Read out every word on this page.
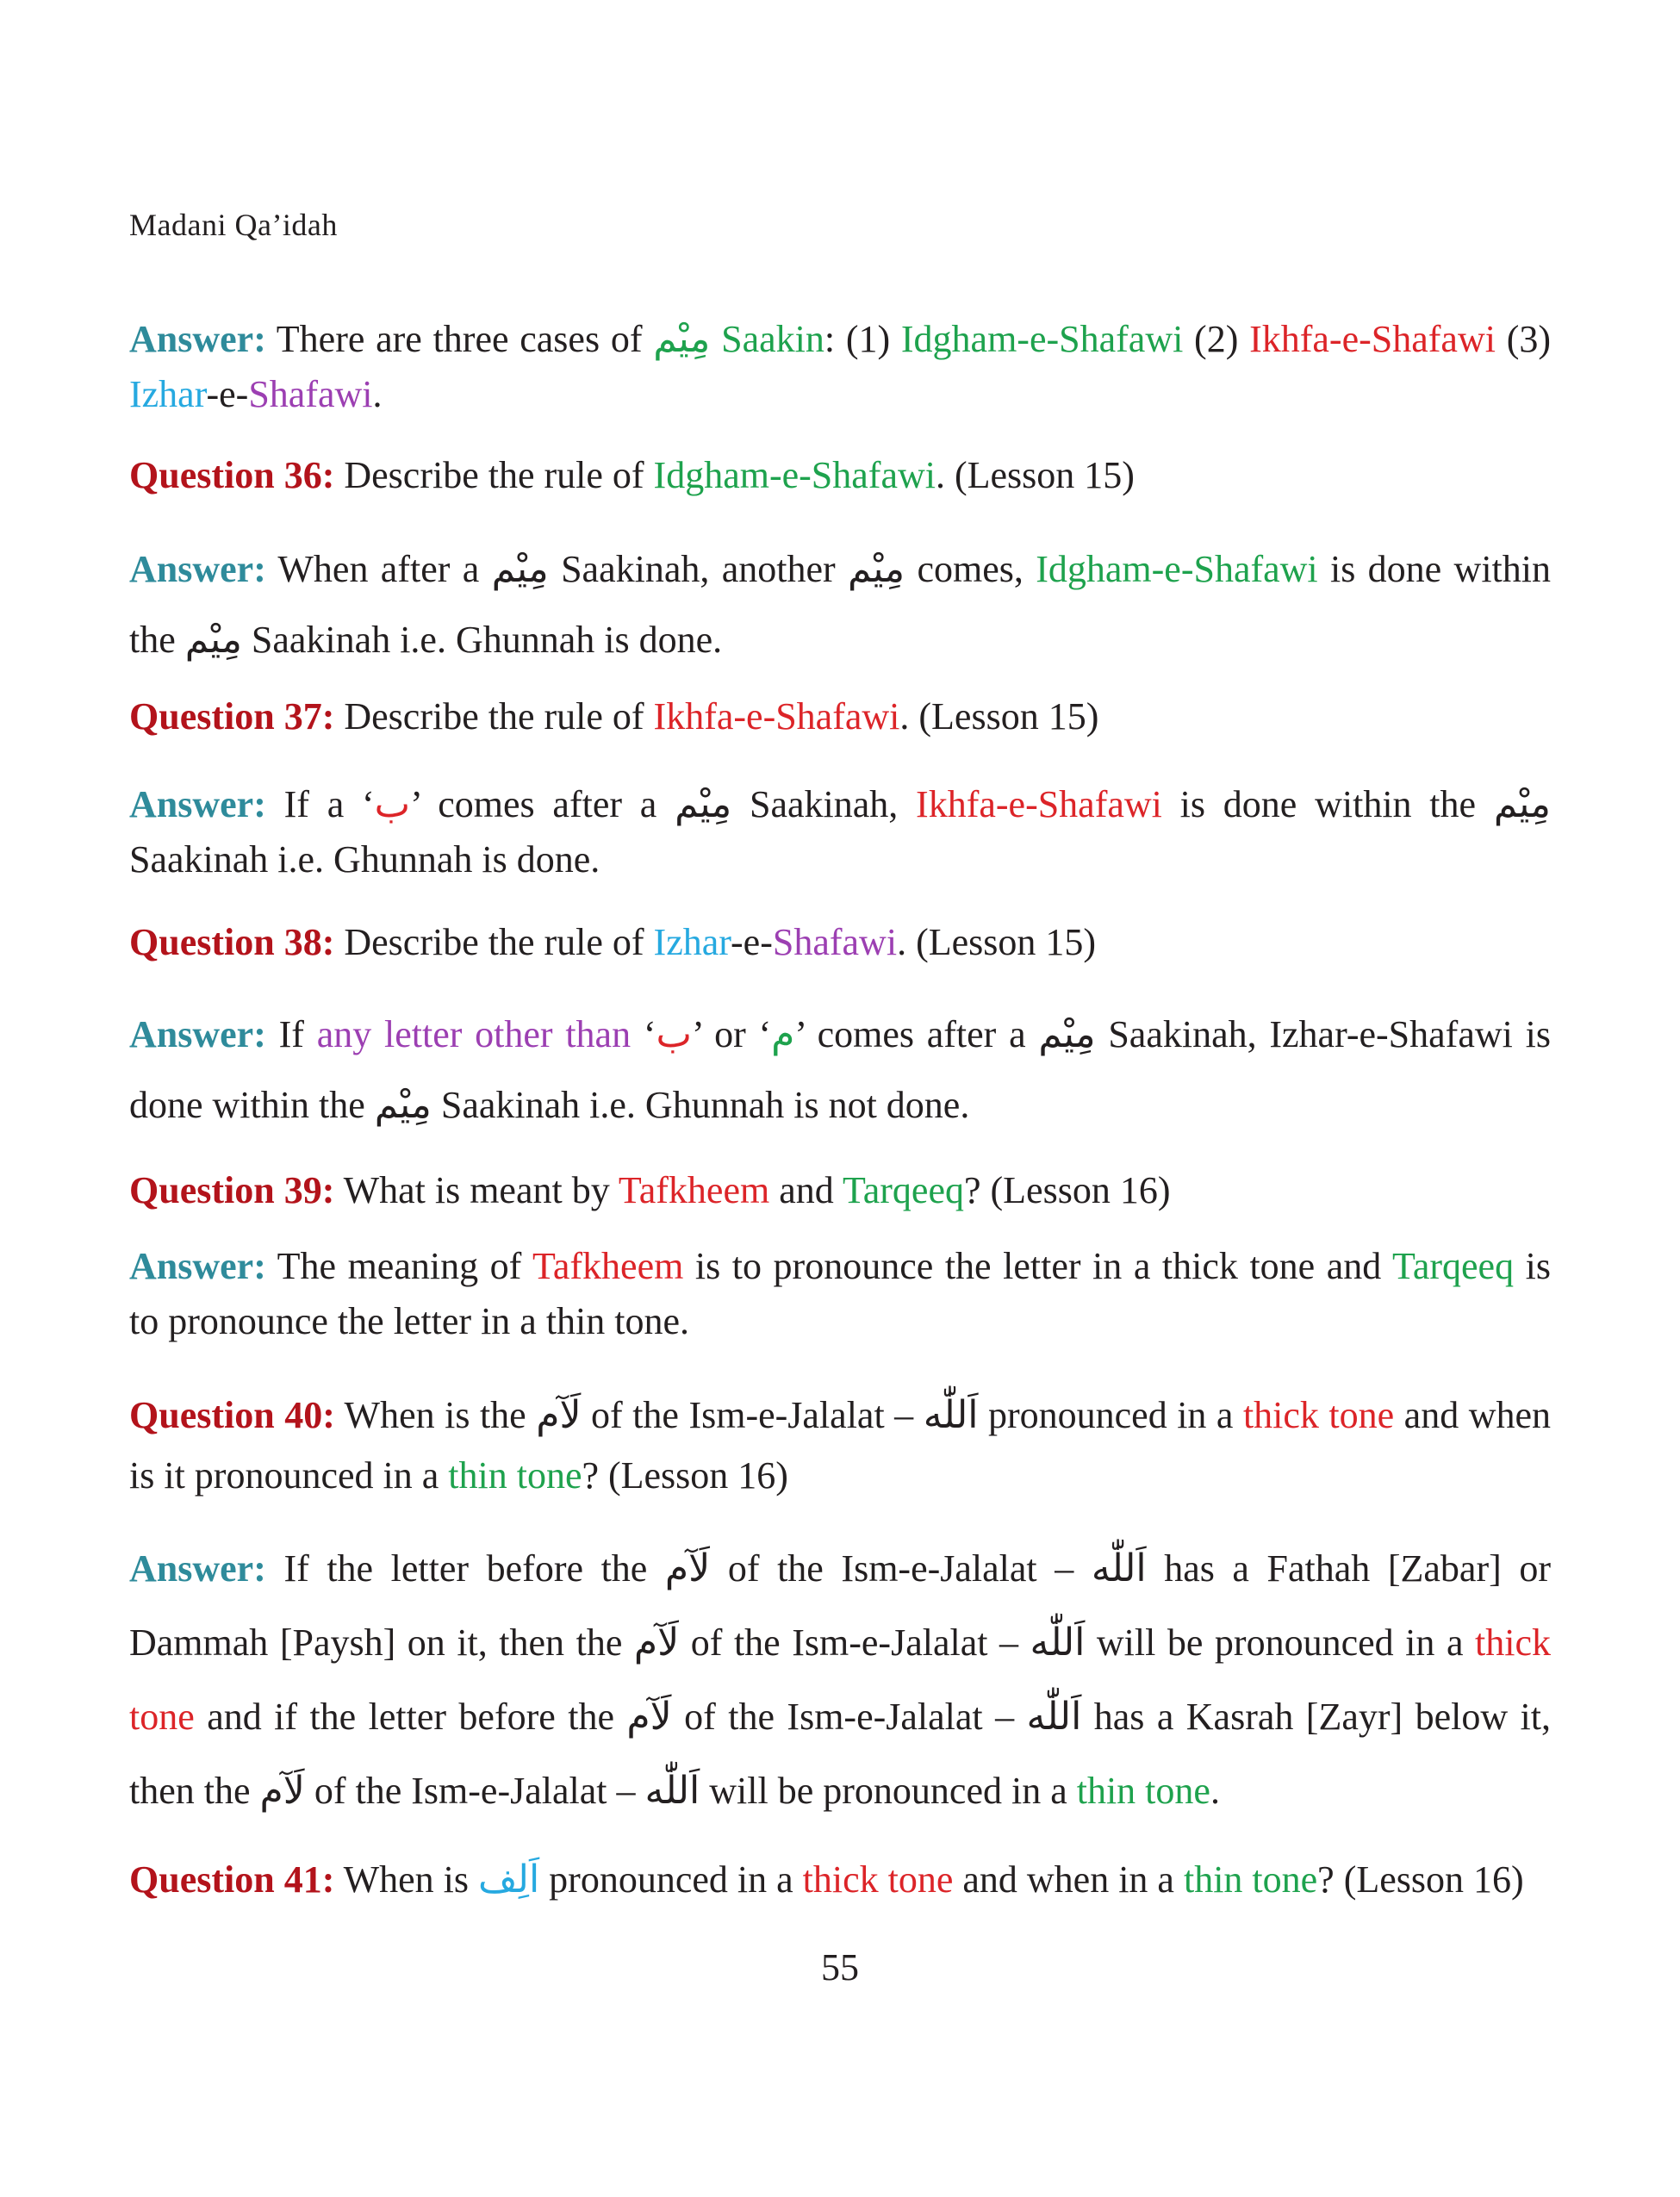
Madani Qa’idah

Answer: There are three cases of مِیْم Saakin: (1) Idgham-e-Shafawi (2) Ikhfa-e-Shafawi (3) Izhar-e-Shafawi.

Question 36: Describe the rule of Idgham-e-Shafawi. (Lesson 15)

Answer: When after a مِیْم Saakinah, another مِیْم comes, Idgham-e-Shafawi is done within the مِیْم Saakinah i.e. Ghunnah is done.

Question 37: Describe the rule of Ikhfa-e-Shafawi. (Lesson 15)

Answer: If a ‘ب’ comes after a مِیْم Saakinah, Ikhfa-e-Shafawi is done within the مِیْم Saakinah i.e. Ghunnah is done.

Question 38: Describe the rule of Izhar-e-Shafawi. (Lesson 15)

Answer: If any letter other than ‘ب’ or ‘م’ comes after a مِیْم Saakinah, Izhar-e-Shafawi is done within the مِیْم Saakinah i.e. Ghunnah is not done.

Question 39: What is meant by Tafkheem and Tarqeeq? (Lesson 16)

Answer: The meaning of Tafkheem is to pronounce the letter in a thick tone and Tarqeeq is to pronounce the letter in a thin tone.

Question 40: When is the لَآم of the Ism-e-Jalalat – اَللّٰه pronounced in a thick tone and when is it pronounced in a thin tone? (Lesson 16)

Answer: If the letter before the لَآم of the Ism-e-Jalalat – اَللّٰه has a Fathah [Zabar] or Dammah [Paysh] on it, then the لَآم of the Ism-e-Jalalat – اَللّٰه will be pronounced in a thick tone and if the letter before the لَآم of the Ism-e-Jalalat – اَللّٰه has a Kasrah [Zayr] below it, then the لَآم of the Ism-e-Jalalat – اَللّٰه will be pronounced in a thin tone.

Question 41: When is اَلِف pronounced in a thick tone and when in a thin tone? (Lesson 16)

55
